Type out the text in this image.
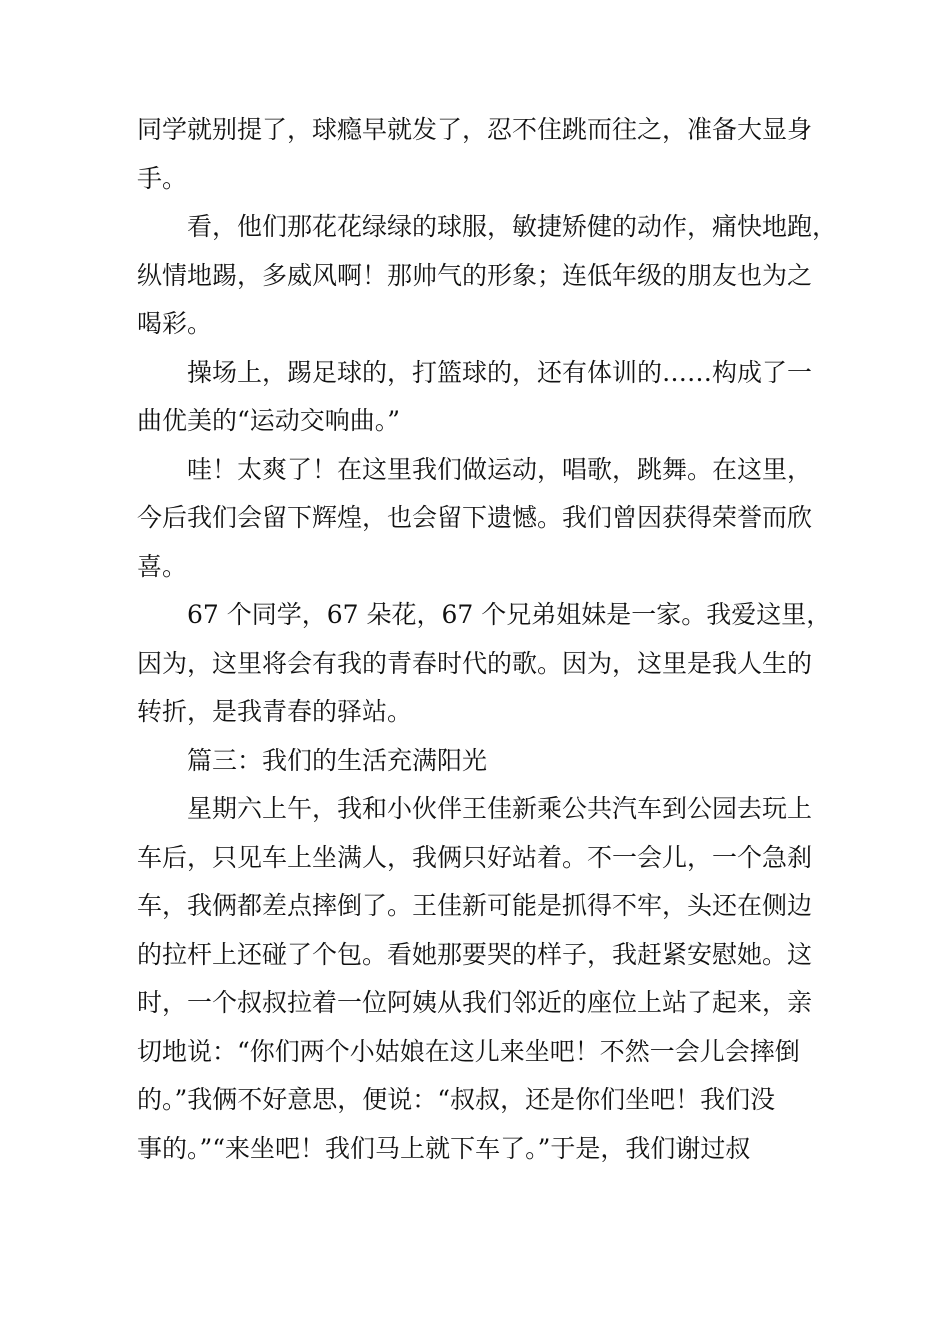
同学就别提了，球瘾早就发了，忍不住跳而往之，准备大显身
手。

看，他们那花花绿绿的球服，敏捷矫健的动作，痛快地跑，
纵情地踢，多威风啊！那帅气的形象；连低年级的朋友也为之
喝彩。

操场上，踢足球的，打篮球的，还有体训的……构成了一
曲优美的“运动交响曲。”

哇！太爽了！在这里我们做运动，唱歌，跳舞。在这里，
今后我们会留下辉煌，也会留下遗憾。我们曾因获得荣誉而欣
喜。

67 个同学，67 朵花，67 个兄弟姐妹是一家。我爱这里，
因为，这里将会有我的青春时代的歌。因为，这里是我人生的
转折，是我青春的驿站。

篇三：我们的生活充满阳光

星期六上午，我和小伙伴王佳新乘公共汽车到公园去玩上
车后，只见车上坐满人，我俩只好站着。不一会儿，一个急刹
车，我俩都差点摔倒了。王佳新可能是抓得不牢，头还在侧边
的拉杆上还碰了个包。看她那要哭的样子，我赶紧安慰她。这
时，一个叔叔拉着一位阿姨从我们邻近的座位上站了起来，亲
切地说：“你们两个小姑娘在这儿来坐吧！不然一会儿会摔倒
的。”我俩不好意思，便说：“叔叔，还是你们坐吧！我们没
事的。”“来坐吧！我们马上就下车了。”于是，我们谢过叔
